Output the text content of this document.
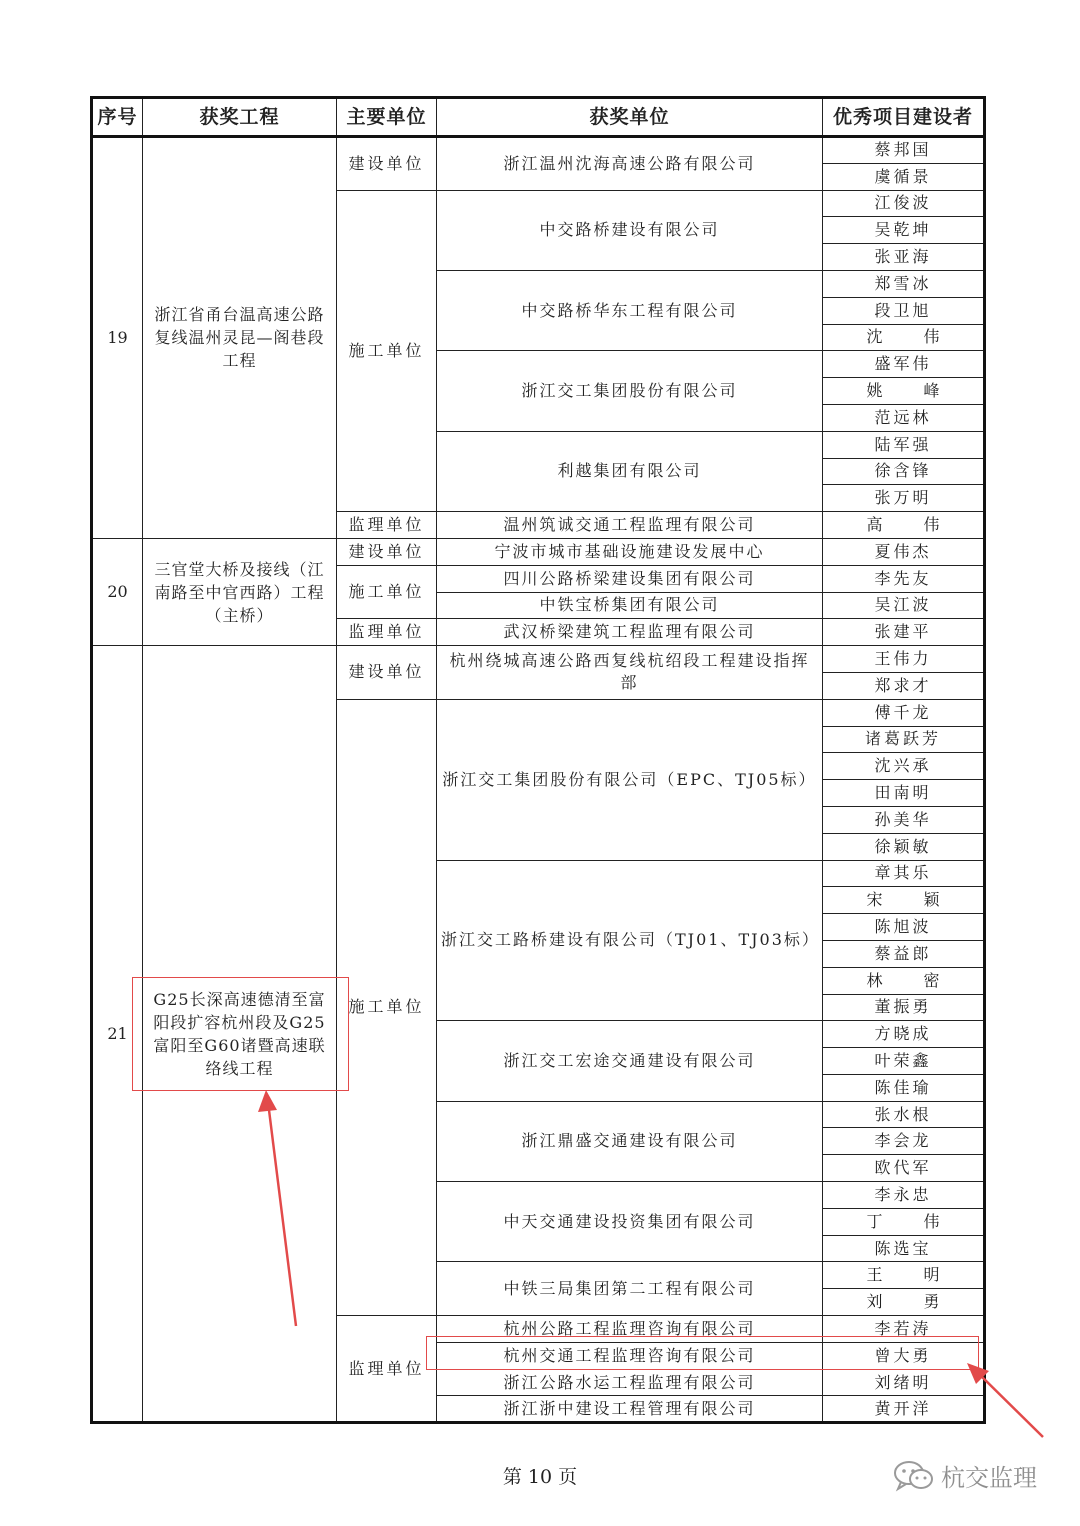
序号	获奖工程	主要单位	获奖单位	优秀项目建设者
19	浙江省甬台温高速公路复线温州灵昆—阁巷段工程	建设单位	浙江温州沈海高速公路有限公司	蔡邦国
				虞循景
		施工单位	中交路桥建设有限公司	江俊波
				吴乾坤
				张亚海
			中交路桥华东工程有限公司	郑雪冰
				段卫旭
				沈 伟
			浙江交工集团股份有限公司	盛军伟
				姚 峰
				范远林
			利越集团有限公司	陆军强
				徐含锋
				张万明
		监理单位	温州筑诚交通工程监理有限公司	高 伟
20	三官堂大桥及接线（江南路至中官西路）工程（主桥）	建设单位	宁波市城市基础设施建设发展中心	夏伟杰
		施工单位	四川公路桥梁建设集团有限公司	李先友
			中铁宝桥集团有限公司	吴江波
		监理单位	武汉桥梁建筑工程监理有限公司	张建平
21	G25长深高速德清至富阳段扩容杭州段及G25富阳至G60诸暨高速联络线工程	建设单位	杭州绕城高速公路西复线杭绍段工程建设指挥部	王伟力
				郑求才
		施工单位	浙江交工集团股份有限公司（EPC、TJ05标）	傅千龙
				诸葛跃芳
				沈兴承
				田南明
				孙美华
				徐颖敏
			浙江交工路桥建设有限公司（TJ01、TJ03标）	章其乐
				宋 颖
				陈旭波
				蔡益郎
				林 密
				董振勇
			浙江交工宏途交通建设有限公司	方晓成
				叶荣鑫
				陈佳瑜
			浙江鼎盛交通建设有限公司	张水根
				李会龙
				欧代军
			中天交通建设投资集团有限公司	李永忠
				丁 伟
				陈选宝
			中铁三局集团第二工程有限公司	王 明
				刘 勇
		监理单位	杭州公路工程监理咨询有限公司	李若涛
			杭州交通工程监理咨询有限公司	曾大勇
			浙江公路水运工程监理有限公司	刘绪明
			浙江浙中建设工程管理有限公司	黄开洋
第 10 页	杭交监理
